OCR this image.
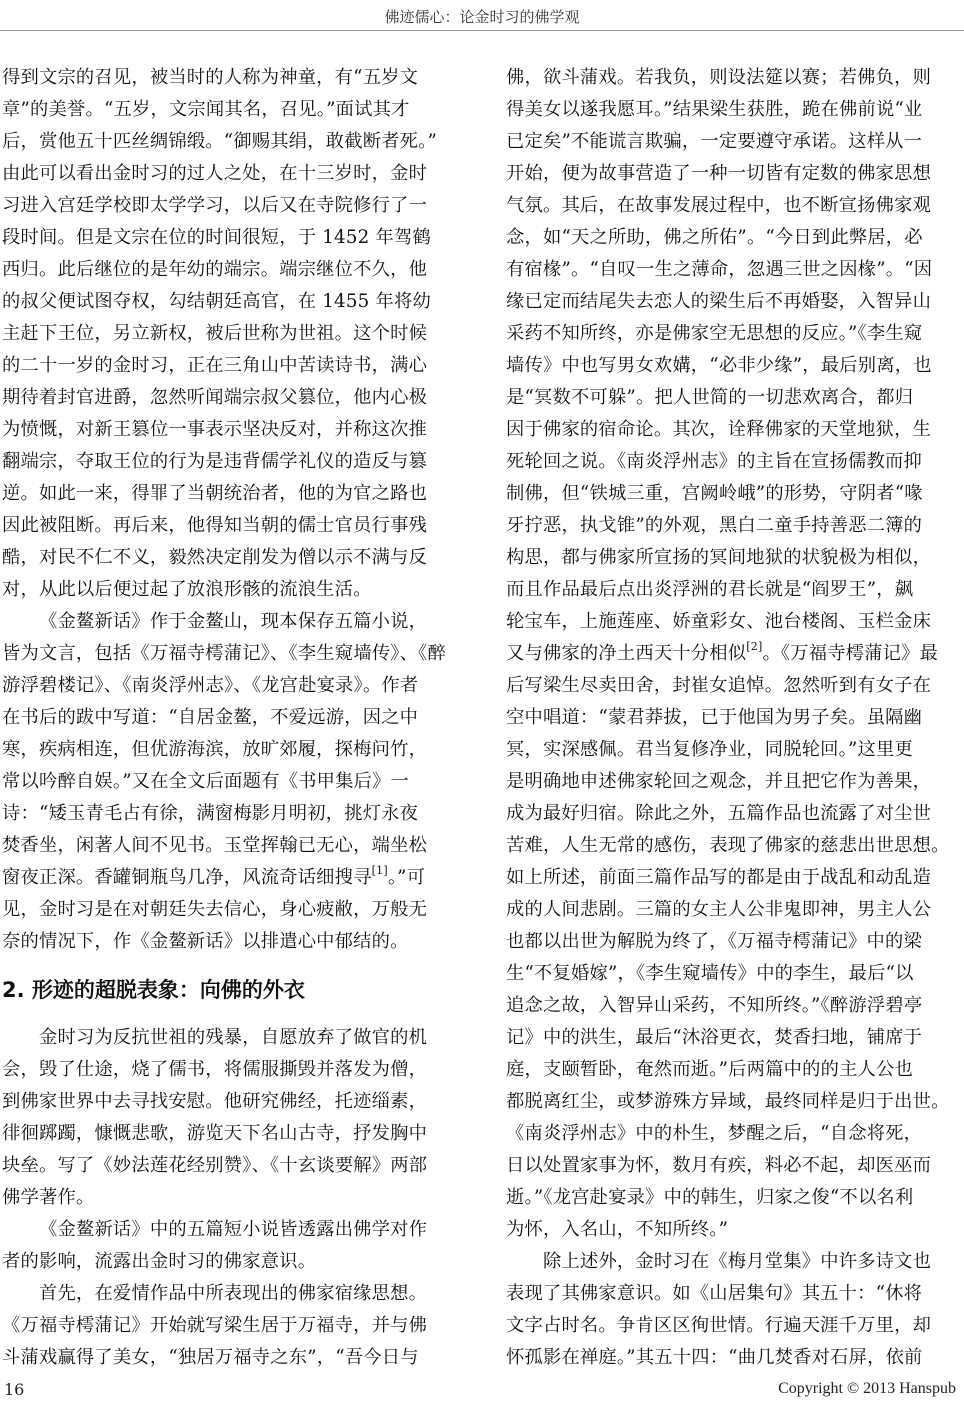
佛迹儒心：论金时习的佛学观
得到文宗的召见，被当时的人称为神童，有“五岁文
章”的美誉。“五岁，文宗闻其名，召见。”面试其才
后，赏他五十匹丝绸锦缎。“御赐其绢，敢截断者死。”
由此可以看出金时习的过人之处，在十三岁时，金时
习进入宫廷学校即太学学习，以后又在寺院修行了一
段时间。但是文宗在位的时间很短，于 1452 年驾鹤
西归。此后继位的是年幼的端宗。端宗继位不久，他
的叔父便试图夺权，勾结朝廷高官，在 1455 年将幼
主赶下王位，另立新权，被后世称为世祖。这个时候
的二十一岁的金时习，正在三角山中苦读诗书，满心
期待着封官进爵，忽然听闻端宗叔父篡位，他内心极
为愤慨，对新王篡位一事表示坚决反对，并称这次推
翻端宗，夺取王位的行为是违背儒学礼仪的造反与篡
逆。如此一来，得罪了当朝统治者，他的为官之路也
因此被阻断。再后来，他得知当朝的儒士官员行事残
酷，对民不仁不义，毅然决定削发为僧以示不满与反
对，从此以后便过起了放浪形骸的流浪生活。
《金鳌新话》作于金鳌山，现本保存五篇小说，
皆为文言，包括《万福寺樗蒲记》、《李生窥墙传》、《醉
游浮碧楼记》、《南炎浮州志》、《龙宫赴宴录》。作者
在书后的跋中写道：“自居金鳌，不爱远游，因之中
寒，疾病相连，但优游海滨，放旷郊履，探梅问竹，
常以吟醉自娱。”又在全文后面题有《书甲集后》一
诗：“矮玉青毛占有徐，满窗梅影月明初，挑灯永夜
焚香坐，闲著人间不见书。玉堂挥翰已无心，端坐松
窗夜正深。香罐铜瓶鸟几净，风流奇话细搜寻[1]。”可
见，金时习是在对朝廷失去信心，身心疲敝，万般无
奈的情况下，作《金鳌新话》以排遣心中郁结的。
2. 形迹的超脱表象：向佛的外衣
金时习为反抗世祖的残暴，自愿放弃了做官的机
会，毁了仕途，烧了儒书，将儒服撕毁并落发为僧，
到佛家世界中去寻找安慰。他研究佛经，托迹缁素，
徘徊踯躅，慷慨悲歌，游览天下名山古寺，抒发胸中
块垒。写了《妙法莲花经别赞》、《十玄谈要解》两部
佛学著作。
《金鳌新话》中的五篇短小说皆透露出佛学对作
者的影响，流露出金时习的佛家意识。
首先，在爱情作品中所表现出的佛家宿缘思想。
《万福寺樗蒲记》开始就写梁生居于万福寺，并与佛
斗蒲戏赢得了美女，“独居万福寺之东”，“吾今日与
佛，欲斗蒲戏。若我负，则设法筵以赛；若佛负，则
得美女以遂我愿耳。”结果梁生获胜，跪在佛前说“业
已定矣”不能谎言欺骗，一定要遵守承诺。这样从一
开始，便为故事营造了一种一切皆有定数的佛家思想
气氛。其后，在故事发展过程中，也不断宣扬佛家观
念，如“天之所助，佛之所佑”。“今日到此弊居，必
有宿椽”。“自叹一生之薄命，忽遇三世之因椽”。“因
缘已定而结尾失去恋人的梁生后不再婚娶，入智异山
采药不知所终，亦是佛家空无思想的反应。”《李生窥
墙传》中也写男女欢媾，“必非少缘”，最后别离，也
是“冥数不可躲”。把人世简的一切悲欢离合，都归
因于佛家的宿命论。其次，诠释佛家的天堂地狱，生
死轮回之说。《南炎浮州志》的主旨在宣扬儒教而抑
制佛，但“铁城三重，宫阙岭峨”的形势，守阴者“喙
牙拧恶，执戈锥”的外观，黑白二童手持善恶二簿的
构思，都与佛家所宣扬的冥间地狱的状貌极为相似，
而且作品最后点出炎浮洲的君长就是“阎罗王”，飙
轮宝车，上施莲座、娇童彩女、池台楼阁、玉栏金床
又与佛家的净土西天十分相似[2]。《万福寺樗蒲记》最
后写梁生尽卖田舍，封崔女追悼。忽然听到有女子在
空中唱道：“蒙君莽拔，已于他国为男子矣。虽隔幽
冥，实深感佩。君当复修净业，同脱轮回。”这里更
是明确地申述佛家轮回之观念，并且把它作为善果，
成为最好归宿。除此之外，五篇作品也流露了对尘世
苦难，人生无常的感伤，表现了佛家的慈悲出世思想。
如上所述，前面三篇作品写的都是由于战乱和动乱造
成的人间悲剧。三篇的女主人公非鬼即神，男主人公
也都以出世为解脱为终了，《万福寺樗蒲记》中的梁
生“不复婚嫁”，《李生窥墙传》中的李生，最后“以
追念之故，入智异山采药，不知所终。”《醉游浮碧亭
记》中的洪生，最后“沐浴更衣，焚香扫地，铺席于
庭，支颐暂卧，奄然而逝。”后两篇中的的主人公也
都脱离红尘，或梦游殊方异域，最终同样是归于出世。
《南炎浮州志》中的朴生，梦醒之后，“自念将死，
日以处置家事为怀，数月有疾，料必不起，却医巫而
逝。”《龙宫赴宴录》中的韩生，归家之俊“不以名利
为怀，入名山，不知所终。”
除上述外，金时习在《梅月堂集》中许多诗文也
表现了其佛家意识。如《山居集句》其五十：“休将
文字占时名。争肯区区徇世情。行遍天涯千万里，却
怀孤影在禅庭。”其五十四：“曲几焚香对石屏，依前
16	Copyright © 2013 Hanspub
